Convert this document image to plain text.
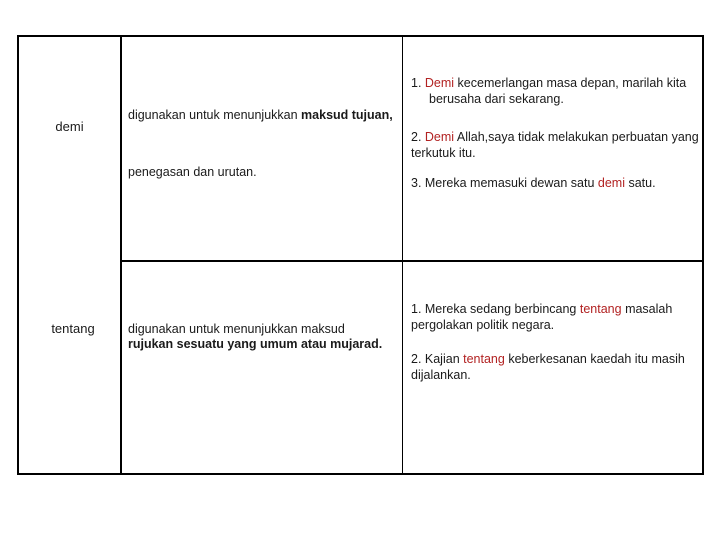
demi
digunakan untuk menunjukkan maksud tujuan,
penegasan dan urutan.

1. Demi kecemerlangan masa depan, marilah kita
berusaha dari sekarang.

2. Demi Allah,saya tidak melakukan perbuatan yang terkutuk itu.

3. Mereka memasuki dewan satu demi satu.

tentang	digunakan untuk menunjukkan maksud rujukan sesuatu yang umum atau mujarad.

1. Mereka sedang berbincang tentang masalah pergolakan politik negara.

2. Kajian tentang keberkesanan kaedah itu masih dijalankan.
